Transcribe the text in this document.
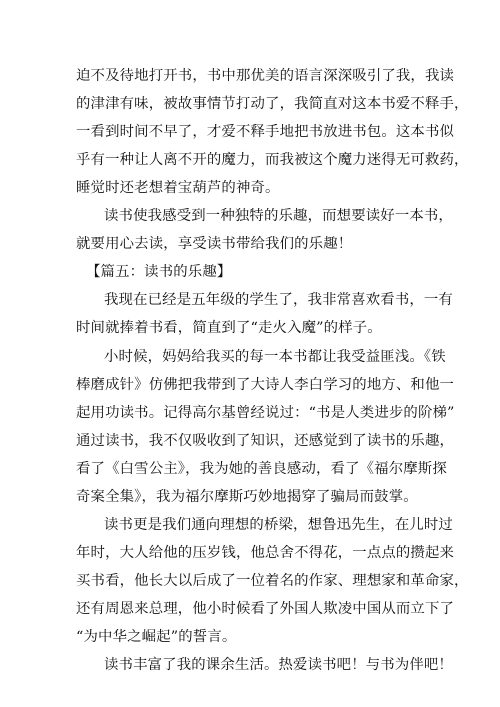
迫不及待地打开书，书中那优美的语言深深吸引了我，我读
的津津有味，被故事情节打动了，我简直对这本书爱不释手，
一看到时间不早了，才爱不释手地把书放进书包。这本书似
乎有一种让人离不开的魔力，而我被这个魔力迷得无可救药，
睡觉时还老想着宝葫芦的神奇。
读书使我感受到一种独特的乐趣，而想要读好一本书，
就要用心去读，享受读书带给我们的乐趣！
【篇五：读书的乐趣】
我现在已经是五年级的学生了，我非常喜欢看书，一有
时间就捧着书看，简直到了“走火入魔”的样子。
小时候，妈妈给我买的每一本书都让我受益匪浅。《铁
棒磨成针》仿佛把我带到了大诗人李白学习的地方、和他一
起用功读书。记得高尔基曾经说过：“书是人类进步的阶梯”
通过读书，我不仅吸收到了知识，还感觉到了读书的乐趣，
看了《白雪公主》，我为她的善良感动，看了《福尔摩斯探
奇案全集》，我为福尔摩斯巧妙地揭穿了骗局而鼓掌。
读书更是我们通向理想的桥梁，想鲁迅先生，在儿时过
年时，大人给他的压岁钱，他总舍不得花，一点点的攒起来
买书看，他长大以后成了一位着名的作家、理想家和革命家，
还有周恩来总理，他小时候看了外国人欺凌中国从而立下了
“为中华之崛起”的誓言。
读书丰富了我的课余生活。热爱读书吧！与书为伴吧！
